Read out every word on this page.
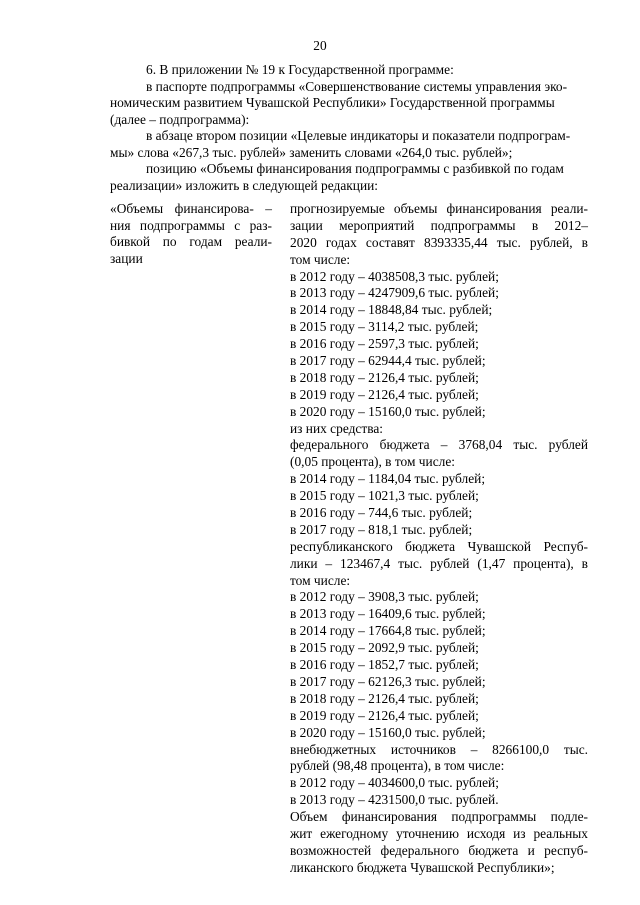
20
6. В приложении № 19 к Государственной программе:
в паспорте подпрограммы «Совершенствование системы управления эко-
номическим развитием Чувашской Республики» Государственной программы
(далее – подпрограмма):
в абзаце втором позиции «Целевые индикаторы и показатели подпрограм-
мы» слова «267,3 тыс. рублей» заменить словами «264,0 тыс. рублей»;
позицию «Объемы финансирования подпрограммы с разбивкой по годам
реализации» изложить в следующей редакции:
«Объемы финансирова- –
ния подпрограммы с раз-
бивкой по годам реали-
зации
прогнозируемые объемы финансирования реали-
зации мероприятий подпрограммы в 2012–
2020 годах составят 8393335,44 тыс. рублей, в
том числе:
в 2012 году – 4038508,3 тыс. рублей;
в 2013 году – 4247909,6 тыс. рублей;
в 2014 году – 18848,84 тыс. рублей;
в 2015 году – 3114,2 тыс. рублей;
в 2016 году – 2597,3 тыс. рублей;
в 2017 году – 62944,4 тыс. рублей;
в 2018 году – 2126,4 тыс. рублей;
в 2019 году – 2126,4 тыс. рублей;
в 2020 году – 15160,0 тыс. рублей;
из них средства:
федерального бюджета – 3768,04 тыс. рублей
(0,05 процента), в том числе:
в 2014 году – 1184,04 тыс. рублей;
в 2015 году – 1021,3 тыс. рублей;
в 2016 году – 744,6 тыс. рублей;
в 2017 году – 818,1 тыс. рублей;
республиканского бюджета Чувашской Респуб-
лики – 123467,4 тыс. рублей (1,47 процента), в
том числе:
в 2012 году – 3908,3 тыс. рублей;
в 2013 году – 16409,6 тыс. рублей;
в 2014 году – 17664,8 тыс. рублей;
в 2015 году – 2092,9 тыс. рублей;
в 2016 году – 1852,7 тыс. рублей;
в 2017 году – 62126,3 тыс. рублей;
в 2018 году – 2126,4 тыс. рублей;
в 2019 году – 2126,4 тыс. рублей;
в 2020 году – 15160,0 тыс. рублей;
внебюджетных источников – 8266100,0 тыс.
рублей (98,48 процента), в том числе:
в 2012 году – 4034600,0 тыс. рублей;
в 2013 году – 4231500,0 тыс. рублей.
Объем финансирования подпрограммы подле-
жит ежегодному уточнению исходя из реальных
возможностей федерального бюджета и респуб-
ликанского бюджета Чувашской Республики»;
